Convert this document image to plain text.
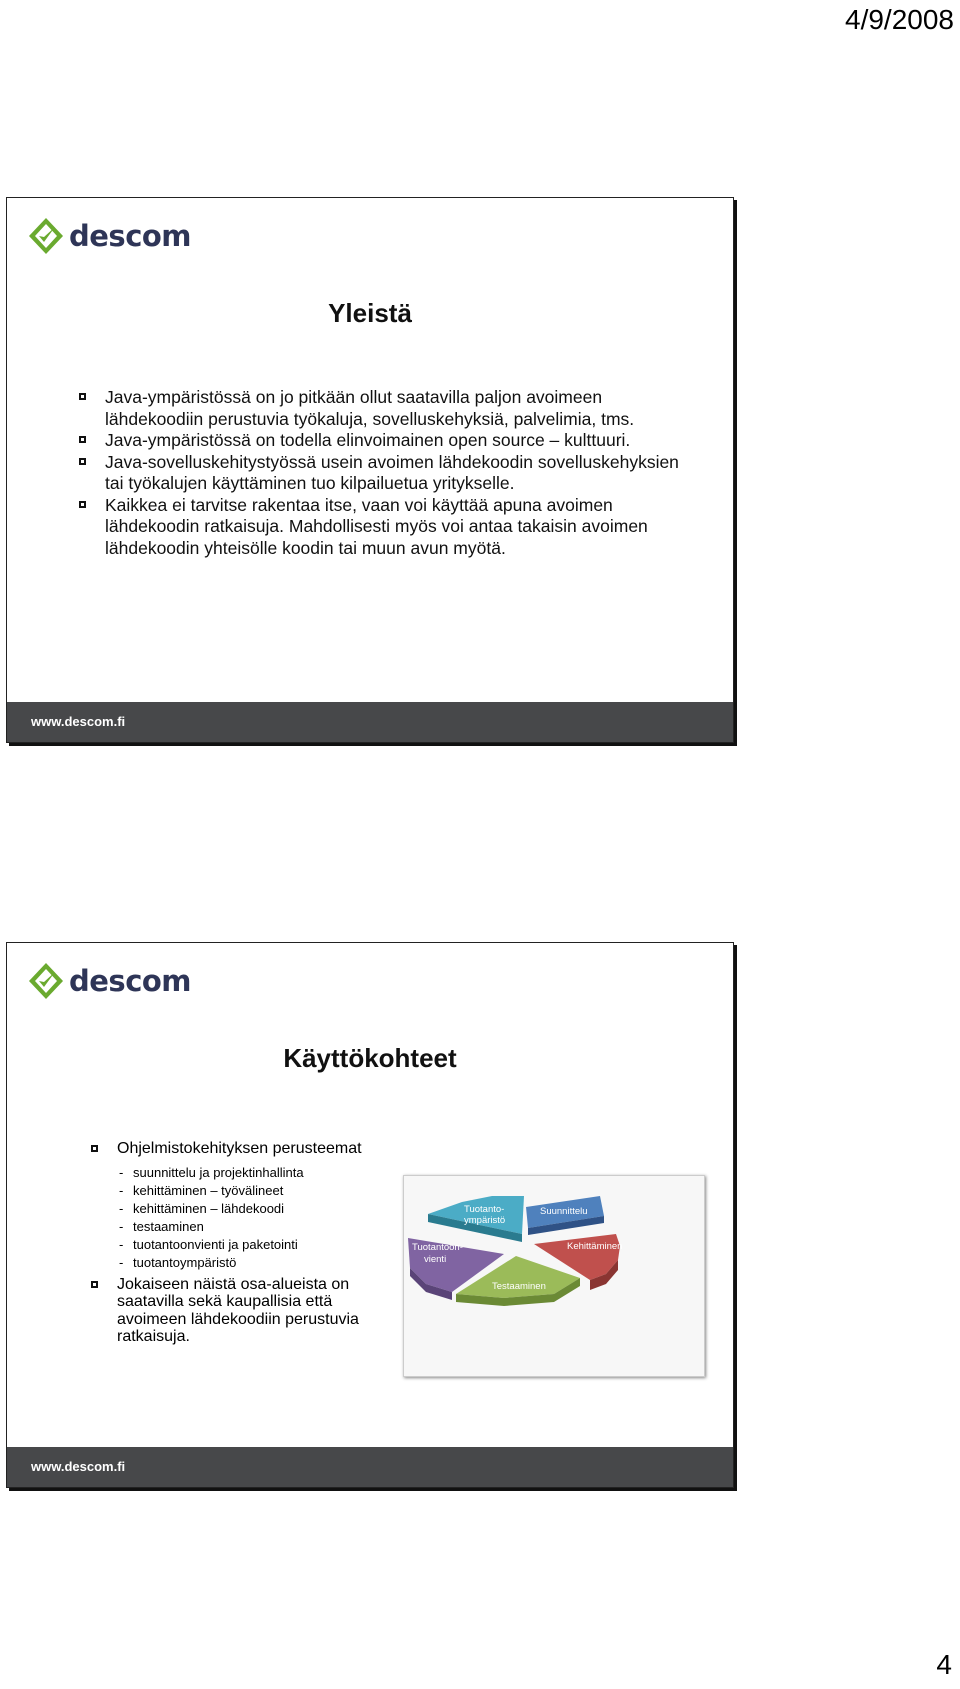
4/9/2008
descom
Yleistä
Java-ympäristössä on jo pitkään ollut saatavilla paljon avoimeen lähdekoodiin perustuvia työkaluja, sovelluskehyksiä, palvelimia, tms.
Java-ympäristössä on todella elinvoimainen open source – kulttuuri.
Java-sovelluskehitystyössä usein avoimen lähdekoodin sovelluskehyksien tai työkalujen käyttäminen tuo kilpailuetua yritykselle.
Kaikkea ei tarvitse rakentaa itse, vaan voi käyttää apuna avoimen lähdekoodin ratkaisuja. Mahdollisesti myös voi antaa takaisin avoimen lähdekoodin yhteisölle koodin tai muun avun myötä.
www.descom.fi
descom
Käyttökohteet
Ohjelmistokehityksen perusteemat
- suunnittelu ja projektinhallinta
- kehittäminen – työvälineet
- kehittäminen – lähdekoodi
- testaaminen
- tuotantoonvienti ja paketointi
- tuotantoympäristö
Jokaiseen näistä osa-alueista on saatavilla sekä kaupallisia että avoimeen lähdekoodiin perustuvia ratkaisuja.
Suunnittelu
Kehittäminen
Testaaminen
Tuotantoon-
vienti
Tuotanto-
ympäristö
www.descom.fi
4
